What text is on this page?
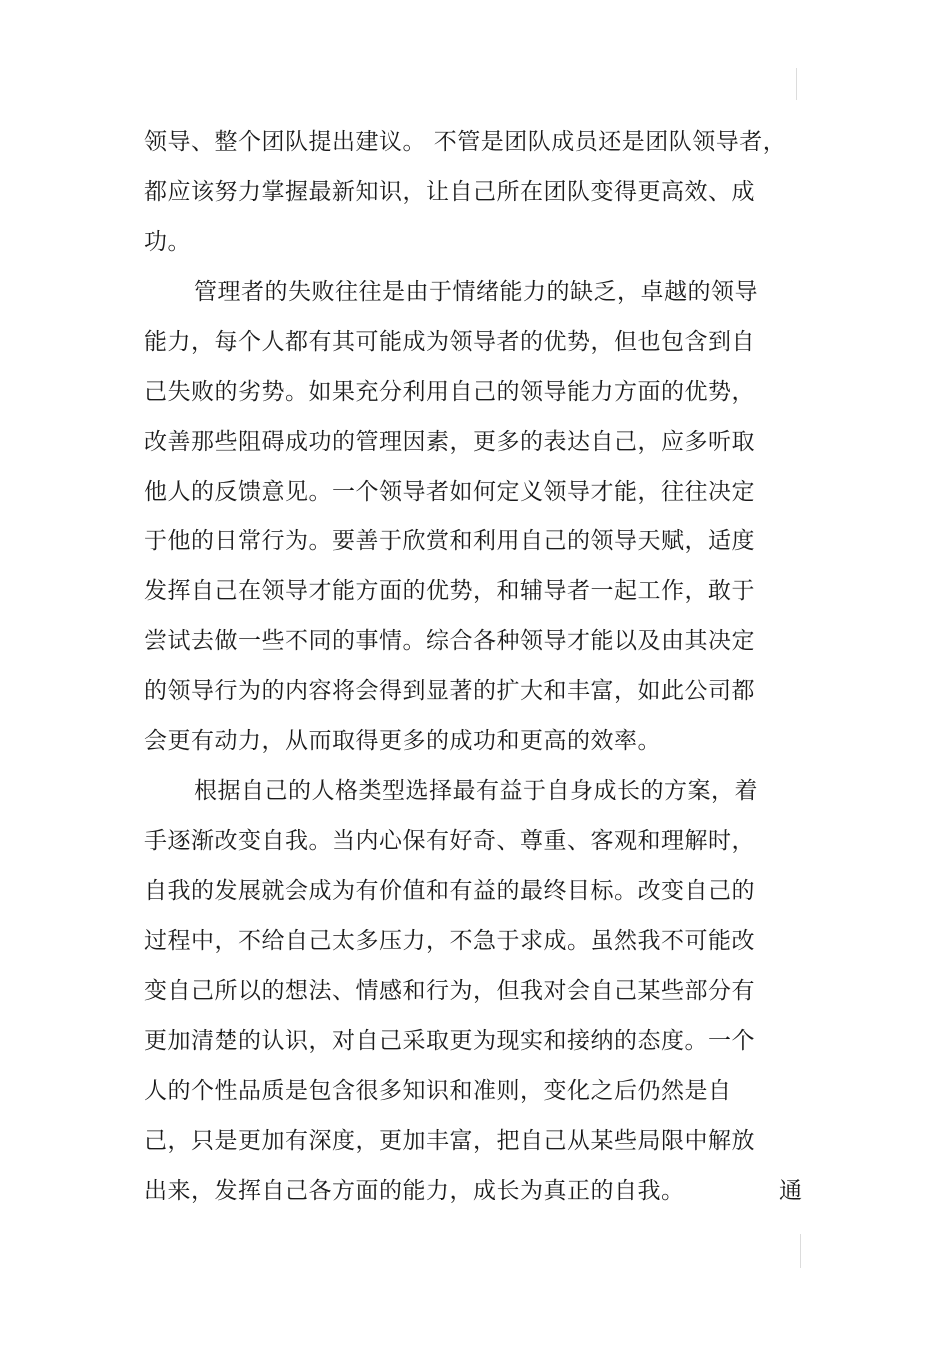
领导、整个团队提出建议。 不管是团队成员还是团队领导者，
都应该努力掌握最新知识，让自己所在团队变得更高效、成
功。
管理者的失败往往是由于情绪能力的缺乏，卓越的领导
能力，每个人都有其可能成为领导者的优势，但也包含到自
己失败的劣势。如果充分利用自己的领导能力方面的优势，
改善那些阻碍成功的管理因素，更多的表达自己，应多听取
他人的反馈意见。一个领导者如何定义领导才能，往往决定
于他的日常行为。要善于欣赏和利用自己的领导天赋，适度
发挥自己在领导才能方面的优势，和辅导者一起工作，敢于
尝试去做一些不同的事情。综合各种领导才能以及由其决定
的领导行为的内容将会得到显著的扩大和丰富，如此公司都
会更有动力，从而取得更多的成功和更高的效率。
根据自己的人格类型选择最有益于自身成长的方案，着
手逐渐改变自我。当内心保有好奇、尊重、客观和理解时，
自我的发展就会成为有价值和有益的最终目标。改变自己的
过程中，不给自己太多压力，不急于求成。虽然我不可能改
变自己所以的想法、情感和行为，但我对会自己某些部分有
更加清楚的认识，对自己采取更为现实和接纳的态度。一个
人的个性品质是包含很多知识和准则，变化之后仍然是自
己，只是更加有深度，更加丰富，把自己从某些局限中解放
出来，发挥自己各方面的能力，成长为真正的自我。	通
